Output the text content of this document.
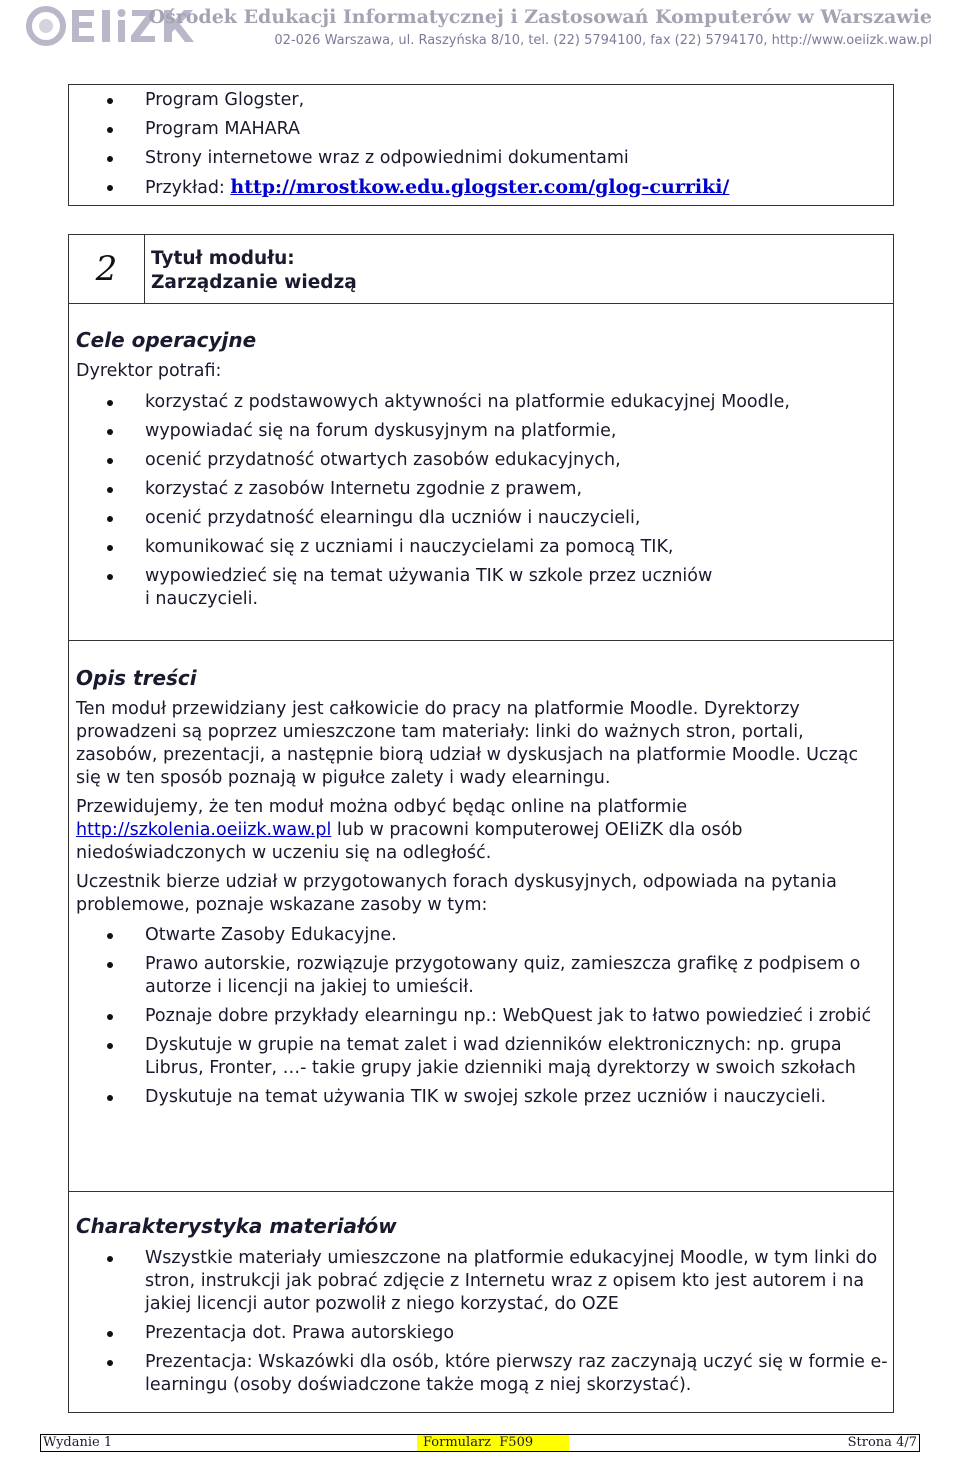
Ośrodek Edukacji Informatycznej i Zastosowań Komputerów w Warszawie
02-026 Warszawa, ul. Raszyńska 8/10, tel. (22) 5794100, fax (22) 5794170, http://www.oeiizk.waw.pl
Program Glogster,
Program MAHARA
Strony internetowe wraz z odpowiednimi dokumentami
Przykład: http://mrostkow.edu.glogster.com/glog-curriki/
2	Tytuł modułu:
Zarządzanie wiedzą
Cele operacyjne
Dyrektor potrafi:
korzystać z podstawowych aktywności na platformie edukacyjnej Moodle,
wypowiadać się na forum dyskusyjnym na platformie,
ocenić przydatność otwartych zasobów edukacyjnych,
korzystać z zasobów Internetu zgodnie z prawem,
ocenić przydatność elearningu dla uczniów i nauczycieli,
komunikować się z uczniami i nauczycielami za pomocą TIK,
wypowiedzieć się na temat używania TIK w szkole przez uczniów i nauczycieli.
Opis treści
Ten moduł przewidziany jest całkowicie do pracy na platformie Moodle. Dyrektorzy prowadzeni są poprzez umieszczone tam materiały: linki do ważnych stron, portali, zasobów, prezentacji, a następnie biorą udział w dyskusjach na platformie Moodle. Ucząc się w ten sposób poznają w pigułce zalety i wady elearningu.
Przewidujemy, że ten moduł można odbyć będąc online na platformie http://szkolenia.oeiizk.waw.pl lub w pracowni komputerowej OEIiZK dla osób niedoświadczonych w uczeniu się na odległość.
Uczestnik bierze udział w przygotowanych forach dyskusyjnych, odpowiada na pytania problemowe, poznaje wskazane zasoby w tym:
Otwarte Zasoby Edukacyjne.
Prawo autorskie, rozwiązuje przygotowany quiz, zamieszcza grafikę z podpisem o autorze i licencji na jakiej to umieścił.
Poznaje dobre przykłady elearningu np.: WebQuest jak to łatwo powiedzieć i zrobić
Dyskutuje w grupie na temat zalet i wad dzienników elektronicznych: np. grupa Librus, Fronter, …- takie grupy jakie dzienniki mają dyrektorzy w swoich szkołach
Dyskutuje na temat używania TIK w swojej szkole przez uczniów i nauczycieli.
Charakterystyka materiałów
Wszystkie materiały umieszczone na platformie edukacyjnej Moodle, w tym linki do stron, instrukcji jak pobrać zdjęcie z Internetu wraz z opisem kto jest autorem i na jakiej licencji autor pozwolił z niego korzystać, do OZE
Prezentacja dot. Prawa autorskiego
Prezentacja: Wskazówki dla osób, które pierwszy raz zaczynają uczyć się w formie e-learningu (osoby doświadczone także mogą z niej skorzystać).
Wydanie 1	Formularz  F509	Strona 4/7
